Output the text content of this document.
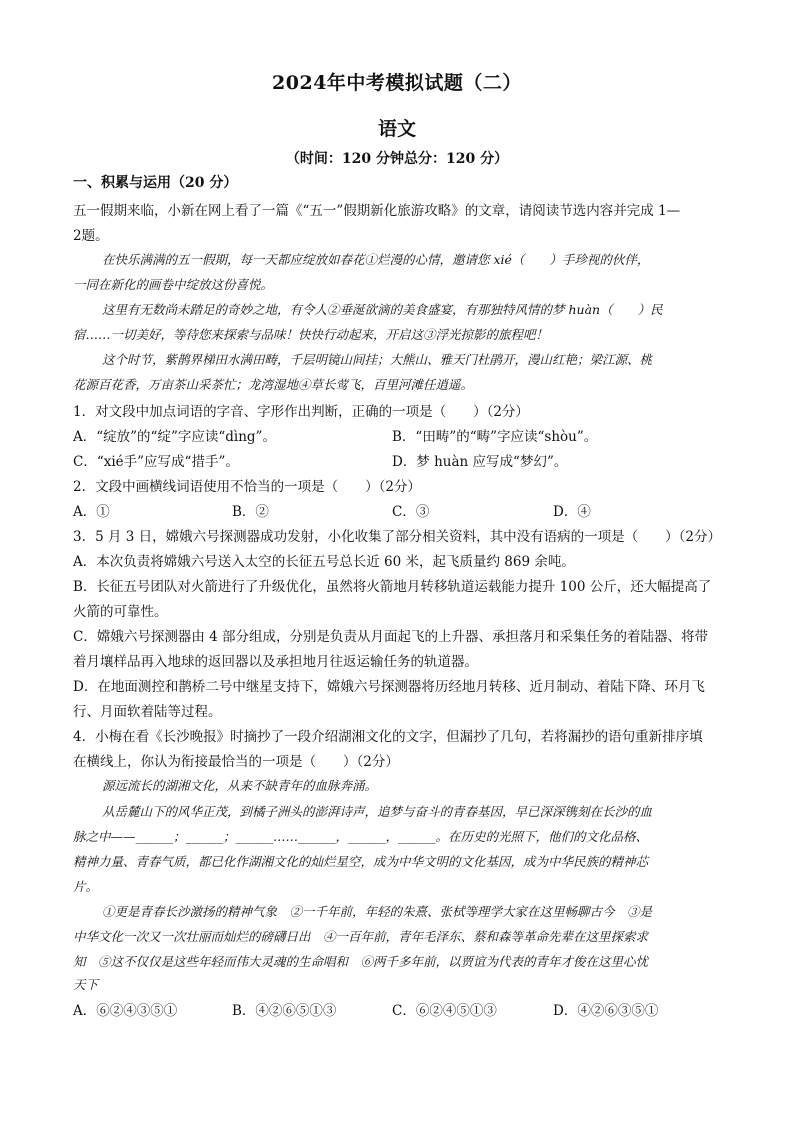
2024年中考模拟试题（二）
语文
（时间：120 分钟总分：120 分）
一、积累与运用（20 分）
五一假期来临，小新在网上看了一篇《“五一”假期新化旅游攻略》的文章，请阅读节选内容并完成 1—
2题。
在快乐满满的五一假期，每一天都应绽放如春花①烂漫的心情，邀请您 xié（　　）手珍视的伙伴，
一同在新化的画卷中绽放这份喜悦。
这里有无数尚未踏足的奇妙之地，有令人②垂涎欲滴的美食盛宴，有那独特风情的梦 huàn（　　）民
宿……一切美好，等待您来探索与品味！快快行动起来，开启这③浮光掠影的旅程吧！
这个时节，紫鹊界梯田水满田畴，千层明镜山间挂；大熊山、雅天门杜鹃开，漫山红艳；梁江源、桃
花源百花香，万亩茶山采茶忙；龙湾湿地④草长莺飞，百里河滩任逍遥。
1．对文段中加点词语的字音、字形作出判断，正确的一项是（　　）（2分）
A．“绽放”的“绽”字应读“dìng”。	B．“田畴”的“畴”字应读“shòu”。
C．“xié手”应写成“措手”。	D．梦 huàn 应写成“梦幻”。
2．文段中画横线词语使用不恰当的一项是（　　）（2分）
A．①	B．②	C．③	D．④
3．5 月 3 日，嫦娥六号探测器成功发射，小化收集了部分相关资料，其中没有语病的一项是（　　）（2分）
A．本次负责将嫦娥六号送入太空的长征五号总长近 60 米，起飞质量约 869 余吨。
B．长征五号团队对火箭进行了升级优化，虽然将火箭地月转移轨道运载能力提升 100 公斤，还大幅提高了
火箭的可靠性。
C．嫦娥六号探测器由 4 部分组成，分别是负责从月面起飞的上升器、承担落月和采集任务的着陆器、将带
着月壤样品再入地球的返回器以及承担地月往返运输任务的轨道器。
D．在地面测控和鹊桥二号中继星支持下，嫦娥六号探测器将历经地月转移、近月制动、着陆下降、环月飞
行、月面软着陆等过程。
4．小梅在看《长沙晚报》时摘抄了一段介绍湖湘文化的文字，但漏抄了几句，若将漏抄的语句重新排序填
在横线上，你认为衔接最恰当的一项是（　　）（2分）
源远流长的湖湘文化，从来不缺青年的血脉奔涌。
从岳麓山下的风华正茂，到橘子洲头的澎湃诗声，追梦与奋斗的青春基因，早已深深镌刻在长沙的血
脉之中——______；______；______……______，______，______。在历史的光照下，他们的文化品格、
精神力量、青春气质，都已化作湖湘文化的灿烂星空，成为中华文明的文化基因，成为中华民族的精神芯
片。
①更是青春长沙激扬的精神气象　②一千年前，年轻的朱熹、张栻等理学大家在这里畅聊古今　③是
中华文化一次又一次壮丽而灿烂的磅礴日出　④一百年前，青年毛泽东、蔡和森等革命先辈在这里探索求
知　⑤这不仅仅是这些年轻而伟大灵魂的生命唱和　⑥两千多年前，以贾谊为代表的青年才俊在这里心忧
天下
A．⑥②④③⑤①	B．④②⑥⑤①③	C．⑥②④⑤①③	D．④②⑥③⑤①
